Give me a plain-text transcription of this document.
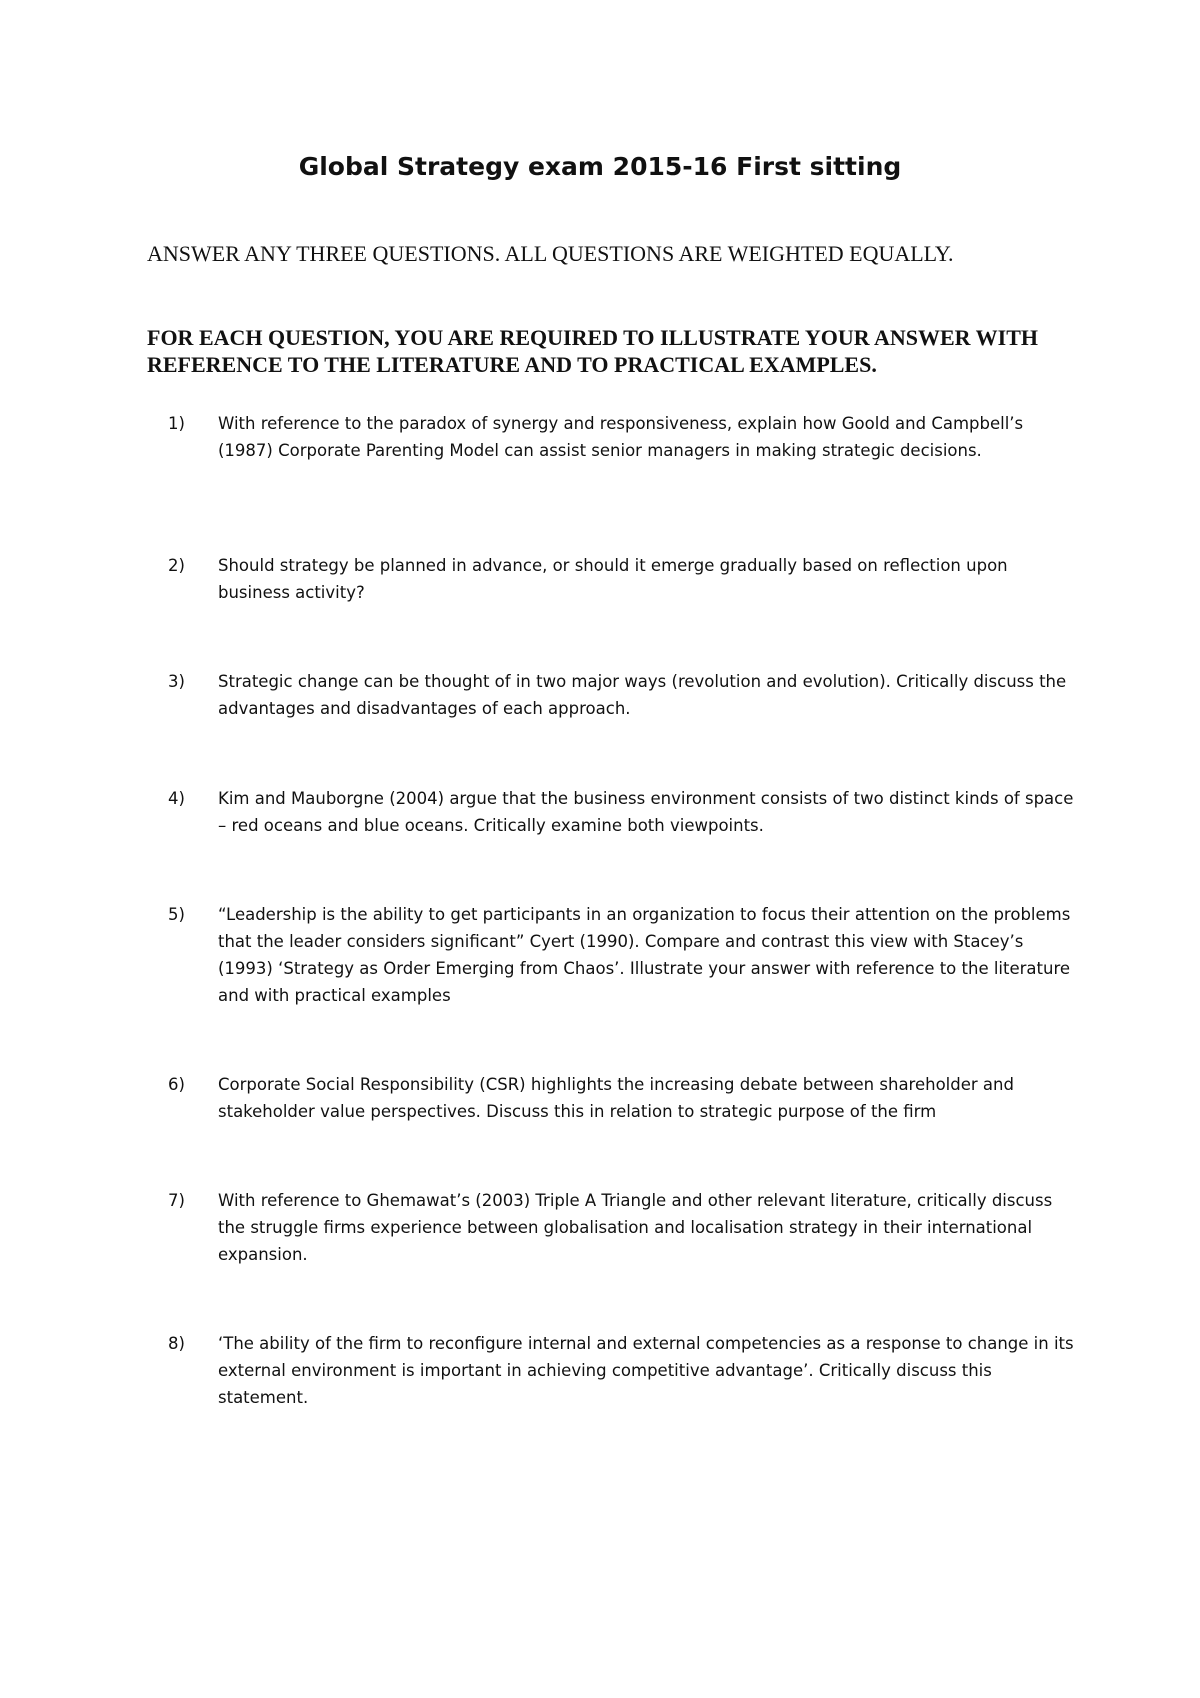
Global Strategy exam 2015-16 First sitting
ANSWER ANY THREE QUESTIONS. ALL QUESTIONS ARE WEIGHTED EQUALLY.
FOR EACH QUESTION, YOU ARE REQUIRED TO ILLUSTRATE YOUR ANSWER WITH REFERENCE TO THE LITERATURE AND TO PRACTICAL EXAMPLES.
1)	With reference to the paradox of synergy and responsiveness, explain how Goold and Campbell’s (1987) Corporate Parenting Model can assist senior managers in making strategic decisions.
2)	Should strategy be planned in advance, or should it emerge gradually based on reflection upon business activity?
3)	Strategic change can be thought of in two major ways (revolution and evolution). Critically discuss the advantages and disadvantages of each approach.
4)	Kim and Mauborgne (2004) argue that the business environment consists of two distinct kinds of space – red oceans and blue oceans. Critically examine both viewpoints.
5)	“Leadership is the ability to get participants in an organization to focus their attention on the problems that the leader considers significant” Cyert (1990). Compare and contrast this view with Stacey’s (1993) ‘Strategy as Order Emerging from Chaos’. Illustrate your answer with reference to the literature and with practical examples
6)	Corporate Social Responsibility (CSR) highlights the increasing debate between shareholder and stakeholder value perspectives. Discuss this in relation to strategic purpose of the firm
7)	With reference to Ghemawat’s (2003) Triple A Triangle and other relevant literature, critically discuss the struggle firms experience between globalisation and localisation strategy in their international expansion.
8)	‘The ability of the firm to reconfigure internal and external competencies as a response to change in its external environment is important in achieving competitive advantage’. Critically discuss this statement.
